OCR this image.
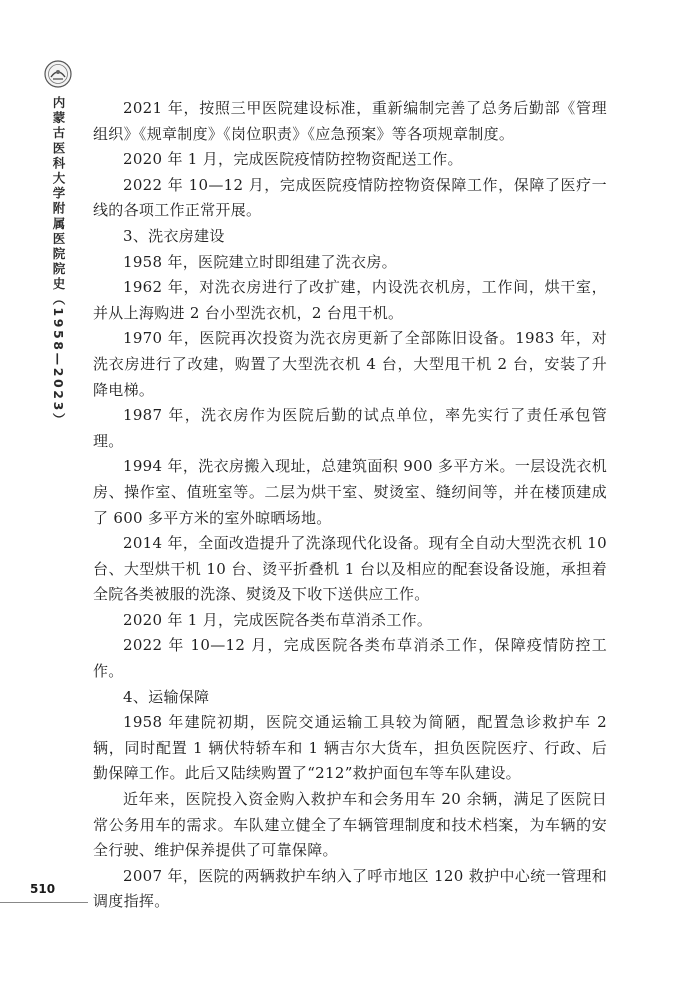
内蒙古医科大学附属医院院史（1958—2023）	2021 年，按照三甲医院建设标准，重新编制完善了总务后勤部《管理组织》《规章制度》《岗位职责》《应急预案》等各项规章制度。

2020 年 1 月，完成医院疫情防控物资配送工作。

2022 年 10—12 月，完成医院疫情防控物资保障工作，保障了医疗一线的各项工作正常开展。

3、洗衣房建设

1958 年，医院建立时即组建了洗衣房。

1962 年，对洗衣房进行了改扩建，内设洗衣机房，工作间，烘干室，并从上海购进 2 台小型洗衣机，2 台甩干机。

1970 年，医院再次投资为洗衣房更新了全部陈旧设备。1983 年，对洗衣房进行了改建，购置了大型洗衣机 4 台，大型甩干机 2 台，安装了升降电梯。

1987 年，洗衣房作为医院后勤的试点单位，率先实行了责任承包管理。

1994 年，洗衣房搬入现址，总建筑面积 900 多平方米。一层设洗衣机房、操作室、值班室等。二层为烘干室、熨烫室、缝纫间等，并在楼顶建成了 600 多平方米的室外晾晒场地。

2014 年，全面改造提升了洗涤现代化设备。现有全自动大型洗衣机 10 台、大型烘干机 10 台、烫平折叠机 1 台以及相应的配套设备设施，承担着全院各类被服的洗涤、熨烫及下收下送供应工作。

2020 年 1 月，完成医院各类布草消杀工作。

2022 年 10—12 月，完成医院各类布草消杀工作，保障疫情防控工作。

4、运输保障

1958 年建院初期，医院交通运输工具较为简陋，配置急诊救护车 2 辆，同时配置 1 辆伏特轿车和 1 辆吉尔大货车，担负医院医疗、行政、后勤保障工作。此后又陆续购置了“212”救护面包车等车队建设。

近年来，医院投入资金购入救护车和会务用车 20 余辆，满足了医院日常公务用车的需求。车队建立健全了车辆管理制度和技术档案，为车辆的安全行驶、维护保养提供了可靠保障。

2007 年，医院的两辆救护车纳入了呼市地区 120 救护中心统一管理和调度指挥。

510
